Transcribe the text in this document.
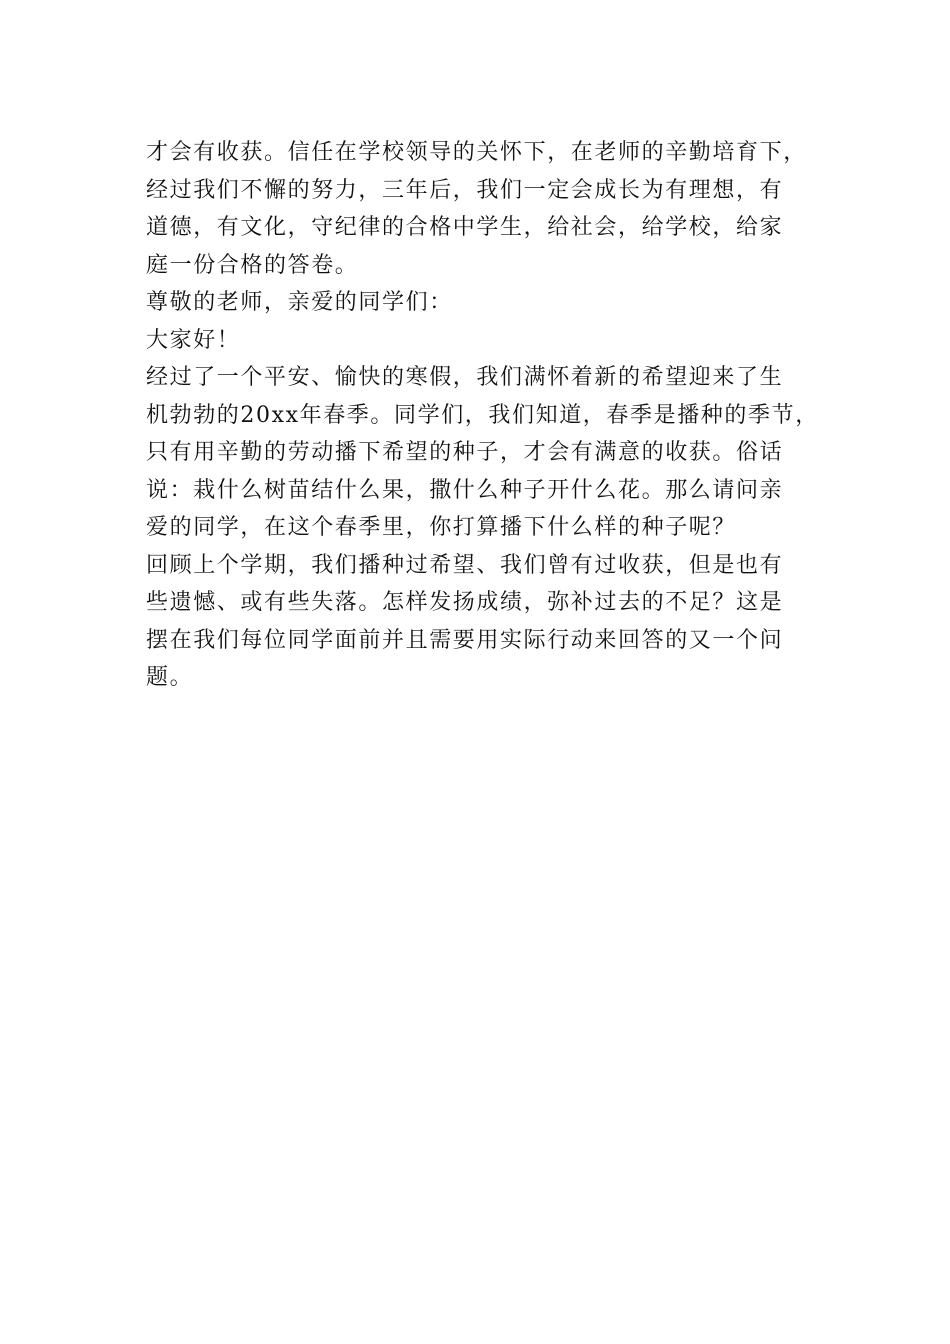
才会有收获。信任在学校领导的关怀下，在老师的辛勤培育下，
经过我们不懈的努力，三年后，我们一定会成长为有理想，有
道德，有文化，守纪律的合格中学生，给社会，给学校，给家
庭一份合格的答卷。
尊敬的老师，亲爱的同学们：
大家好！
经过了一个平安、愉快的寒假，我们满怀着新的希望迎来了生
机勃勃的20xx年春季。同学们，我们知道，春季是播种的季节，
只有用辛勤的劳动播下希望的种子，才会有满意的收获。俗话
说：栽什么树苗结什么果，撒什么种子开什么花。那么请问亲
爱的同学，在这个春季里，你打算播下什么样的种子呢？
回顾上个学期，我们播种过希望、我们曾有过收获，但是也有
些遗憾、或有些失落。怎样发扬成绩，弥补过去的不足？这是
摆在我们每位同学面前并且需要用实际行动来回答的又一个问
题。
